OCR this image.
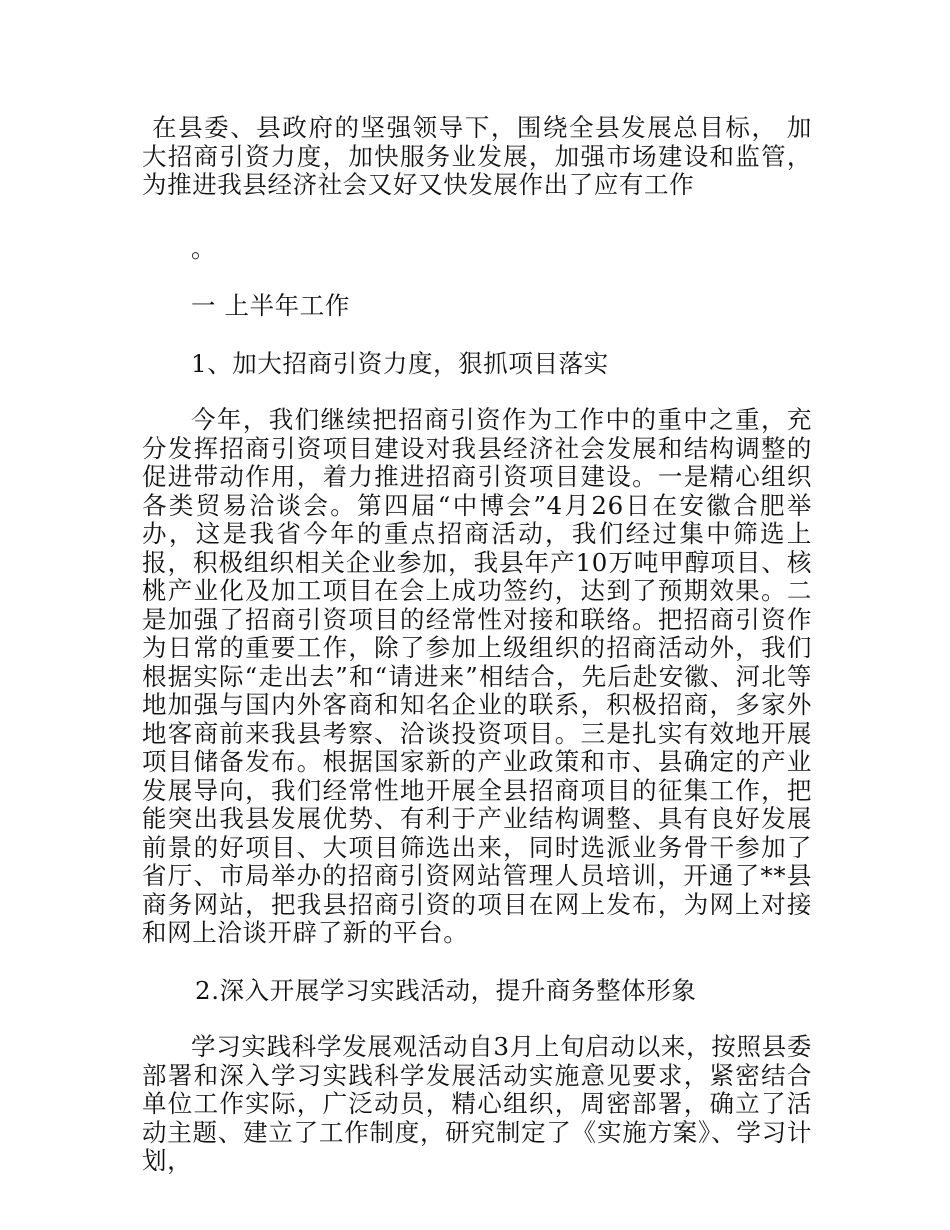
在县委、县政府的坚强领导下，围绕全县发展总目标， 加大招商引资力度，加快服务业发展，加强市场建设和监管，为推进我县经济社会又好又快发展作出了应有工作

。

一 上半年工作

1、加大招商引资力度，狠抓项目落实

今年，我们继续把招商引资作为工作中的重中之重，充分发挥招商引资项目建设对我县经济社会发展和结构调整的促进带动作用，着力推进招商引资项目建设。一是精心组织各类贸易洽谈会。第四届“中博会”4月26日在安徽合肥举办，这是我省今年的重点招商活动，我们经过集中筛选上报，积极组织相关企业参加，我县年产10万吨甲醇项目、核桃产业化及加工项目在会上成功签约，达到了预期效果。二是加强了招商引资项目的经常性对接和联络。把招商引资作为日常的重要工作，除了参加上级组织的招商活动外，我们根据实际“走出去”和“请进来”相结合，先后赴安徽、河北等地加强与国内外客商和知名企业的联系，积极招商，多家外地客商前来我县考察、洽谈投资项目。三是扎实有效地开展项目储备发布。根据国家新的产业政策和市、县确定的产业发展导向，我们经常性地开展全县招商项目的征集工作，把能突出我县发展优势、有利于产业结构调整、具有良好发展前景的好项目、大项目筛选出来，同时选派业务骨干参加了省厅、市局举办的招商引资网站管理人员培训，开通了**县商务网站，把我县招商引资的项目在网上发布，为网上对接和网上洽谈开辟了新的平台。

2.深入开展学习实践活动，提升商务整体形象

学习实践科学发展观活动自3月上旬启动以来，按照县委部署和深入学习实践科学发展活动实施意见要求，紧密结合单位工作实际，广泛动员，精心组织，周密部署，确立了活动主题、建立了工作制度，研究制定了《实施方案》、学习计划，
